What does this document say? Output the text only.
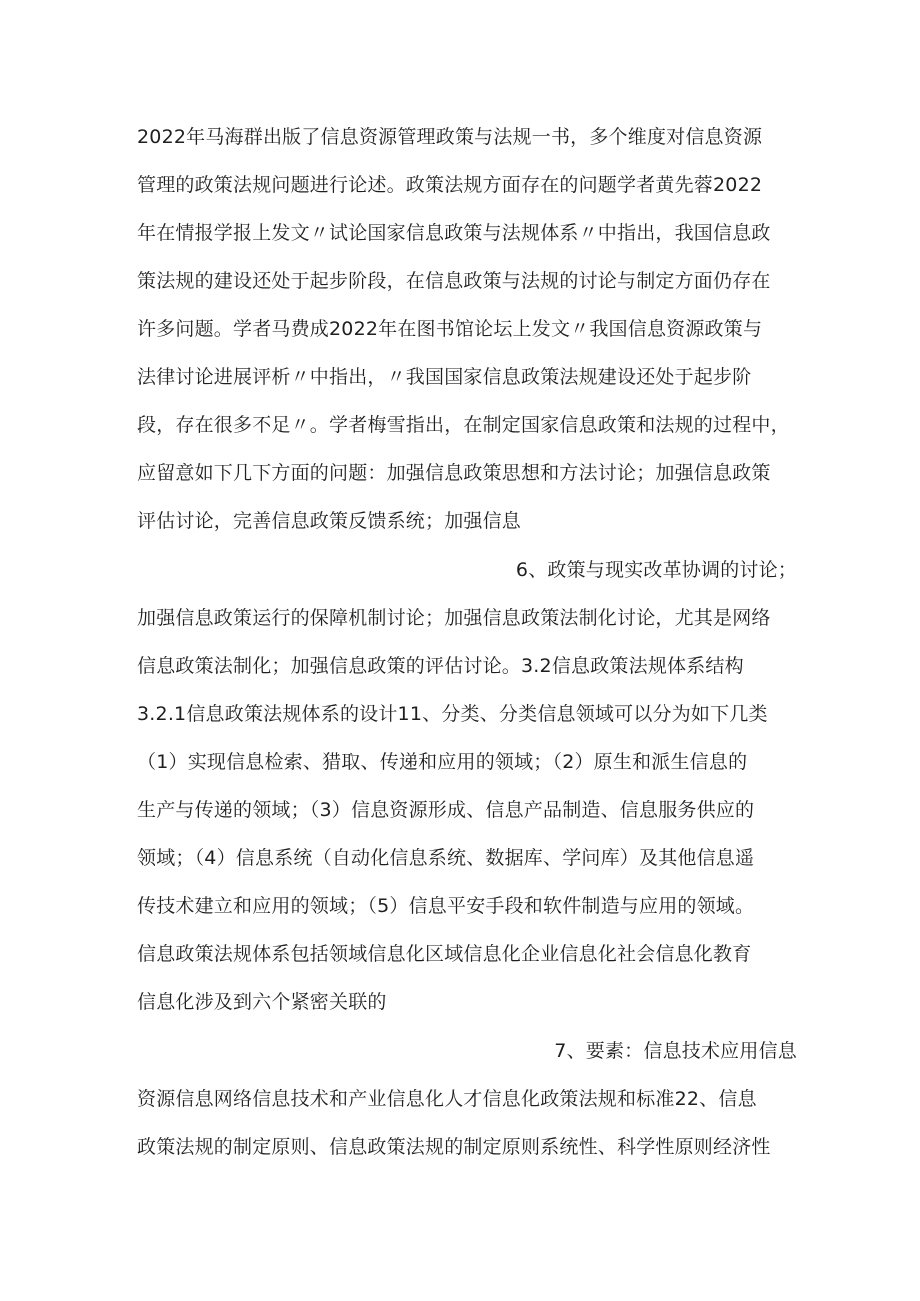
2022年马海群出版了信息资源管理政策与法规一书，多个维度对信息资源
管理的政策法规问题进行论述。政策法规方面存在的问题学者黄先蓉2022
年在情报学报上发文〃试论国家信息政策与法规体系〃中指出，我国信息政
策法规的建设还处于起步阶段，在信息政策与法规的讨论与制定方面仍存在
许多问题。学者马费成2022年在图书馆论坛上发文〃我国信息资源政策与
法律讨论进展评析〃中指出，〃我国国家信息政策法规建设还处于起步阶
段，存在很多不足〃。学者梅雪指出，在制定国家信息政策和法规的过程中，
应留意如下几下方面的问题：加强信息政策思想和方法讨论；加强信息政策
评估讨论，完善信息政策反馈系统；加强信息
6、政策与现实改革协调的讨论；
加强信息政策运行的保障机制讨论；加强信息政策法制化讨论，尤其是网络
信息政策法制化；加强信息政策的评估讨论。3.2信息政策法规体系结构
3.2.1信息政策法规体系的设计11、分类、分类信息领域可以分为如下几类
（1）实现信息检索、猎取、传递和应用的领域；（2）原生和派生信息的
生产与传递的领域；（3）信息资源形成、信息产品制造、信息服务供应的
领域；（4）信息系统（自动化信息系统、数据库、学问库）及其他信息遥
传技术建立和应用的领域；（5）信息平安手段和软件制造与应用的领域。
信息政策法规体系包括领域信息化区域信息化企业信息化社会信息化教育
信息化涉及到六个紧密关联的
7、要素：信息技术应用信息
资源信息网络信息技术和产业信息化人才信息化政策法规和标准22、信息
政策法规的制定原则、信息政策法规的制定原则系统性、科学性原则经济性
